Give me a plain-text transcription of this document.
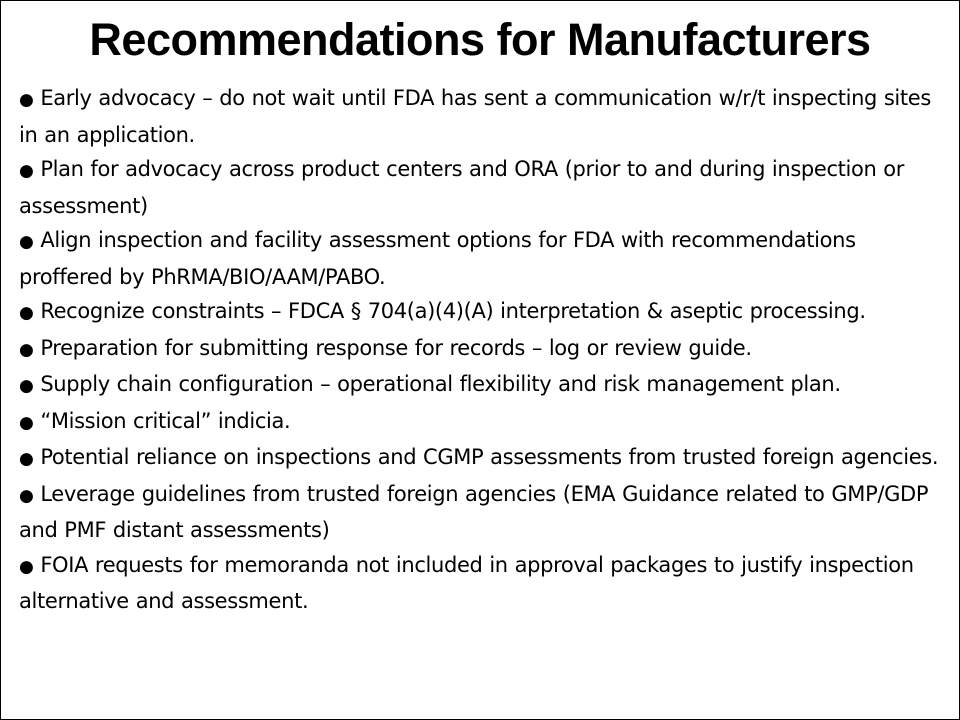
Recommendations for Manufacturers
● Early advocacy – do not wait until FDA has sent a communication w/r/t inspecting sites in an application.
● Plan for advocacy across product centers and ORA (prior to and during inspection or assessment)
● Align inspection and facility assessment options for FDA with recommendations proffered by PhRMA/BIO/AAM/PABO.
● Recognize constraints – FDCA § 704(a)(4)(A) interpretation & aseptic processing.
● Preparation for submitting response for records – log or review guide.
● Supply chain configuration – operational flexibility and risk management plan.
● “Mission critical” indicia.
● Potential reliance on inspections and CGMP assessments from trusted foreign agencies.
● Leverage guidelines from trusted foreign agencies (EMA Guidance related to GMP/GDP and PMF distant assessments)
● FOIA requests for memoranda not included in approval packages to justify inspection alternative and assessment.
